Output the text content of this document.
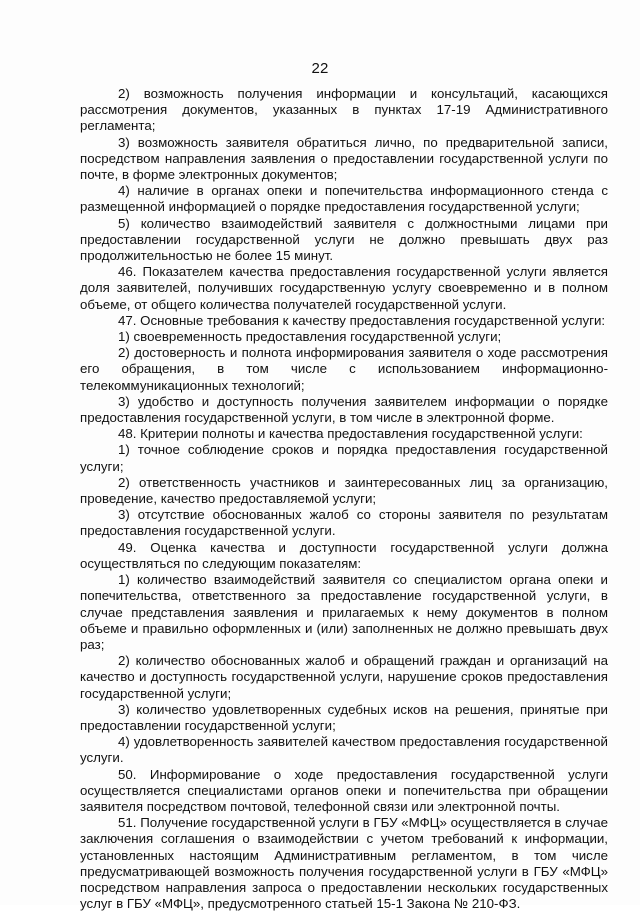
22

2) возможность получения информации и консультаций, касающихся рассмотрения документов, указанных в пунктах 17-19 Административного регламента;

3) возможность заявителя обратиться лично, по предварительной записи, посредством направления заявления о предоставлении государственной услуги по почте, в форме электронных документов;

4) наличие в органах опеки и попечительства информационного стенда с размещенной информацией о порядке предоставления государственной услуги;

5) количество взаимодействий заявителя с должностными лицами при предоставлении государственной услуги не должно превышать двух раз продолжительностью не более 15 минут.

46. Показателем качества предоставления государственной услуги является доля заявителей, получивших государственную услугу своевременно и в полном объеме, от общего количества получателей государственной услуги.

47. Основные требования к качеству предоставления государственной услуги:

1) своевременность предоставления государственной услуги;

2) достоверность и полнота информирования заявителя о ходе рассмотрения его обращения, в том числе с использованием информационно-телекоммуникационных технологий;

3) удобство и доступность получения заявителем информации о порядке предоставления государственной услуги, в том числе в электронной форме.

48. Критерии полноты и качества предоставления государственной услуги:

1) точное соблюдение сроков и порядка предоставления государственной услуги;

2) ответственность участников и заинтересованных лиц за организацию, проведение, качество предоставляемой услуги;

3) отсутствие обоснованных жалоб со стороны заявителя по результатам предоставления государственной услуги.

49. Оценка качества и доступности государственной услуги должна осуществляться по следующим показателям:

1) количество взаимодействий заявителя со специалистом органа опеки и попечительства, ответственного за предоставление государственной услуги, в случае представления заявления и прилагаемых к нему документов в полном объеме и правильно оформленных и (или) заполненных не должно превышать двух раз;

2) количество обоснованных жалоб и обращений граждан и организаций на качество и доступность государственной услуги, нарушение сроков предоставления государственной услуги;

3) количество удовлетворенных судебных исков на решения, принятые при предоставлении государственной услуги;

4) удовлетворенность заявителей качеством предоставления государственной услуги.

50. Информирование о ходе предоставления государственной услуги осуществляется специалистами органов опеки и попечительства при обращении заявителя посредством почтовой, телефонной связи или электронной почты.

51. Получение государственной услуги в ГБУ «МФЦ» осуществляется в случае заключения соглашения о взаимодействии с учетом требований к информации, установленных настоящим Административным регламентом, в том числе предусматривающей возможность получения государственной услуги в ГБУ «МФЦ» посредством направления запроса о предоставлении нескольких государственных услуг в ГБУ «МФЦ», предусмотренного статьей 15-1 Закона № 210-ФЗ.
